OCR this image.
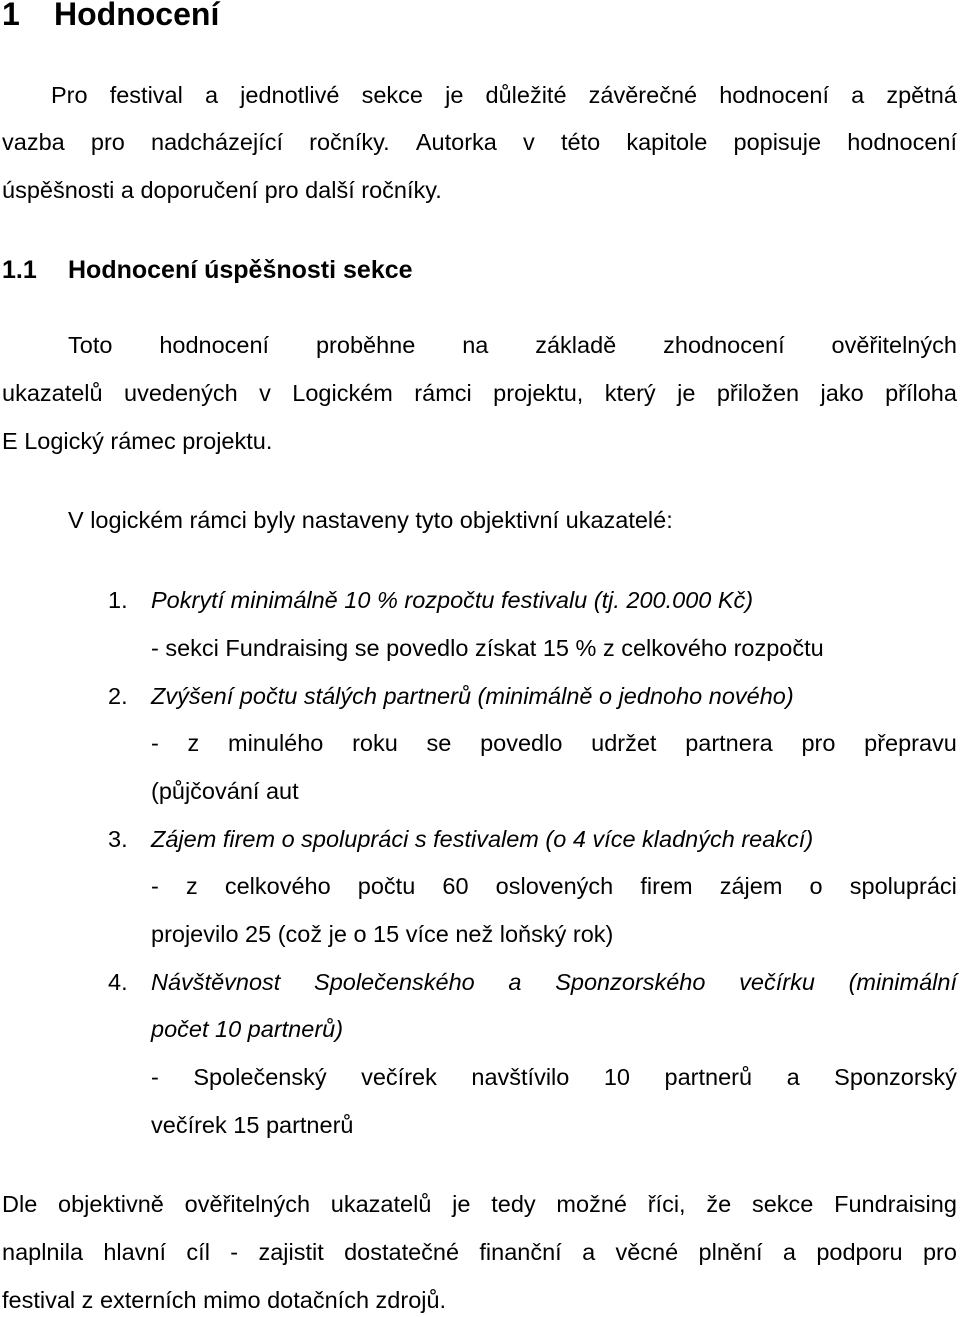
1 Hodnocení
Pro festival a jednotlivé sekce je důležité závěrečné hodnocení a zpětná
vazba pro nadcházející ročníky. Autorka v této kapitole popisuje hodnocení
úspěšnosti a doporučení pro další ročníky.
1.1 Hodnocení úspěšnosti sekce
Toto hodnocení proběhne na základě zhodnocení ověřitelných
ukazatelů uvedených v Logickém rámci projektu, který je přiložen jako příloha
E Logický rámec projektu.
V logickém rámci byly nastaveny tyto objektivní ukazatelé:
1. Pokrytí minimálně 10 % rozpočtu festivalu (tj. 200.000 Kč)
- sekci Fundraising se povedlo získat 15 % z celkového rozpočtu
2. Zvýšení počtu stálých partnerů (minimálně o jednoho nového)
- z minulého roku se povedlo udržet partnera pro přepravu
(půjčování aut
3. Zájem firem o spolupráci s festivalem (o 4 více kladných reakcí)
- z celkového počtu 60 oslovených firem zájem o spolupráci
projevilo 25 (což je o 15 více než loňský rok)
4. Návštěvnost Společenského a Sponzorského večírku (minimální
počet 10 partnerů)
- Společenský večírek navštívilo 10 partnerů a Sponzorský
večírek 15 partnerů
Dle objektivně ověřitelných ukazatelů je tedy možné říci, že sekce Fundraising
naplnila hlavní cíl - zajistit dostatečné finanční a věcné plnění a podporu pro
festival z externích mimo dotačních zdrojů.
